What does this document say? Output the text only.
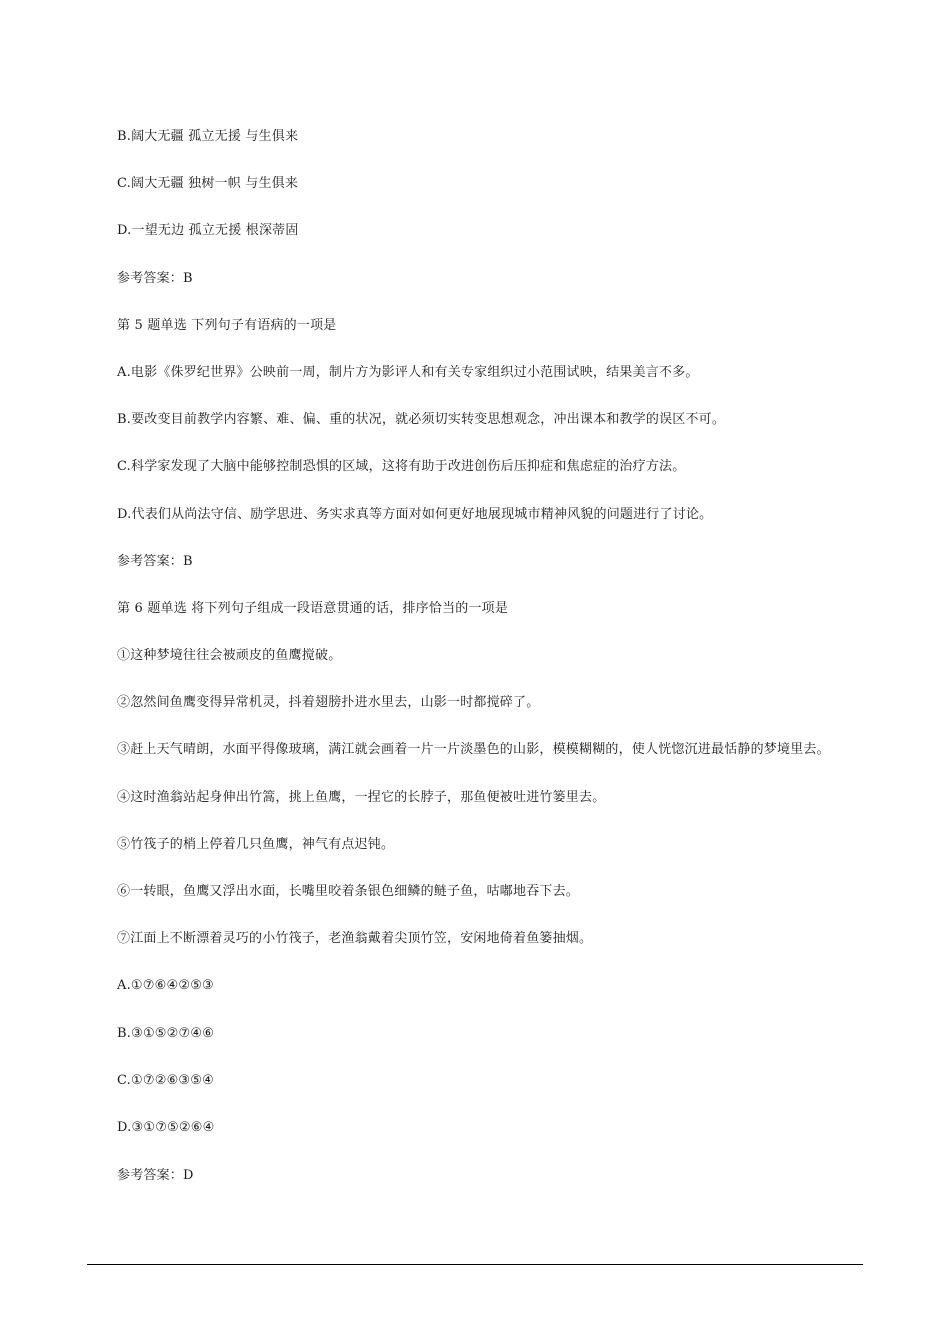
B.阔大无疆 孤立无援 与生俱来
C.阔大无疆 独树一帜 与生俱来
D.一望无边 孤立无援 根深蒂固
参考答案：B
第 5 题单选 下列句子有语病的一项是
A.电影《侏罗纪世界》公映前一周，制片方为影评人和有关专家组织过小范围试映，结果美言不多。
B.要改变目前教学内容繁、难、偏、重的状况，就必须切实转变思想观念，冲出课本和教学的误区不可。
C.科学家发现了大脑中能够控制恐惧的区域，这将有助于改进创伤后压抑症和焦虑症的治疗方法。
D.代表们从尚法守信、励学思进、务实求真等方面对如何更好地展现城市精神风貌的问题进行了讨论。
参考答案：B
第 6 题单选 将下列句子组成一段语意贯通的话，排序恰当的一项是
①这种梦境往往会被顽皮的鱼鹰搅破。
②忽然间鱼鹰变得异常机灵，抖着翅膀扑进水里去，山影一时都搅碎了。
③赶上天气晴朗，水面平得像玻璃，满江就会画着一片一片淡墨色的山影，模模糊糊的，使人恍惚沉进最恬静的梦境里去。
④这时渔翁站起身伸出竹篙，挑上鱼鹰，一捏它的长脖子，那鱼便被吐进竹篓里去。
⑤竹筏子的梢上停着几只鱼鹰，神气有点迟钝。
⑥一转眼，鱼鹰又浮出水面，长嘴里咬着条银色细鳞的鲢子鱼，咕嘟地吞下去。
⑦江面上不断漂着灵巧的小竹筏子，老渔翁戴着尖顶竹笠，安闲地倚着鱼篓抽烟。
A.①⑦⑥④②⑤③
B.③①⑤②⑦④⑥
C.①⑦②⑥③⑤④
D.③①⑦⑤②⑥④
参考答案：D
